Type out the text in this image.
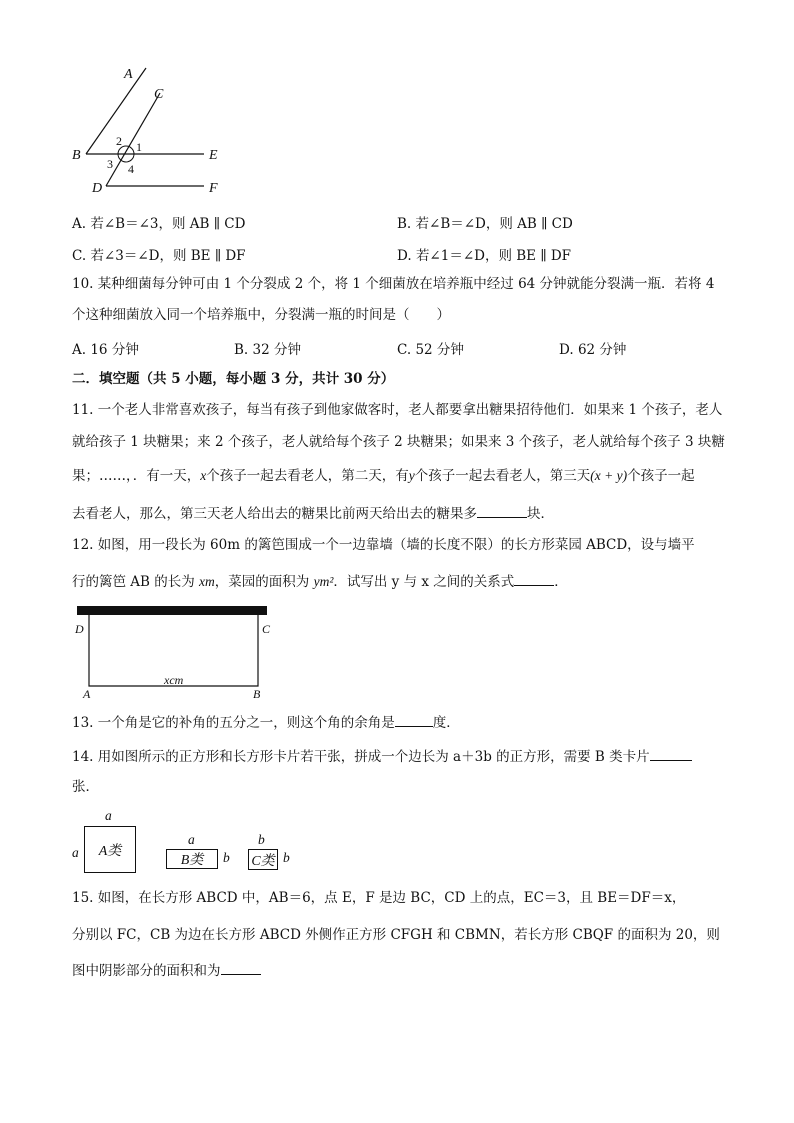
A
C
B	E
D	F
1
2
3 4
A. 若∠B＝∠3，则 AB ∥ CD	B. 若∠B＝∠D，则 AB ∥ CD
C. 若∠3＝∠D，则 BE ∥ DF	D. 若∠1＝∠D，则 BE ∥ DF
10. 某种细菌每分钟可由 1 个分裂成 2 个，将 1 个细菌放在培养瓶中经过 64 分钟就能分裂满一瓶．若将 4
个这种细菌放入同一个培养瓶中，分裂满一瓶的时间是（　　）
A. 16 分钟	B. 32 分钟	C. 52 分钟	D. 62 分钟
二．填空题（共 5 小题，每小题 3 分，共计 30 分）
11. 一个老人非常喜欢孩子，每当有孩子到他家做客时，老人都要拿出糖果招待他们．如果来 1 个孩子，老人
就给孩子 1 块糖果；来 2 个孩子，老人就给每个孩子 2 块糖果；如果来 3 个孩子，老人就给每个孩子 3 块糖
果；……，．有一天，x个孩子一起去看老人，第二天，有y个孩子一起去看老人，第三天(x + y)个孩子一起
去看老人，那么，第三天老人给出去的糖果比前两天给出去的糖果多	块．
12. 如图，用一段长为 60m 的篱笆围成一个一边靠墙（墙的长度不限）的长方形菜园 ABCD，设与墙平
行的篱笆 AB 的长为 xm，菜园的面积为 ym²．试写出 y 与 x 之间的关系式	．
D	C
A	B
xcm
13. 一个角是它的补角的五分之一，则这个角的余角是	度．
14. 用如图所示的正方形和长方形卡片若干张，拼成一个边长为 a＋3b 的正方形，需要 B 类卡片
张．
a
a	A类
a
B类	b
b
C类 b
15. 如图，在长方形 ABCD 中，AB＝6，点 E，F 是边 BC，CD 上的点，EC＝3，且 BE＝DF＝x，
分别以 FC，CB 为边在长方形 ABCD 外侧作正方形 CFGH 和 CBMN，若长方形 CBQF 的面积为 20，则
图中阴影部分的面积和为
